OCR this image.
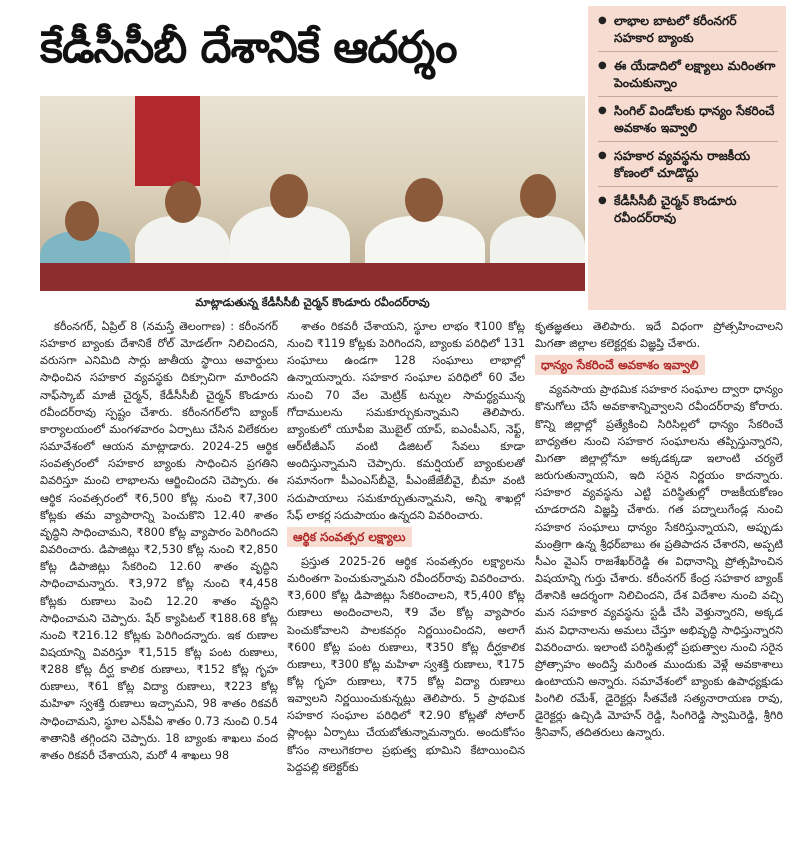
కేడీసీసీబీ దేశానికే ఆదర్శం
● లాభాల బాటలో కరీంనగర్ సహకార బ్యాంకు
● ఈ యేడాదిలో లక్ష్యాలు మరింతగా పెంచుకున్నాం
● సింగిల్ విండోలకు ధాన్యం సేకరించే అవకాశం ఇవ్వాలి
● సహకార వ్యవస్థను రాజకీయ కోణంలో చూడొద్దు
● కేడీసీసీబీ చైర్మన్ కొండూరు రవీందర్‌రావు
మాట్లాడుతున్న కేడీసీసీబీ చైర్మన్ కొండూరు రవీందర్‌రావు

కరీంనగర్, ఏప్రిల్ 8 (నమస్తే తెలంగాణ) : కరీంనగర్ సహకార బ్యాంకు దేశానికే రోల్ మోడల్‌గా నిలిచిందని, వరుసగా ఎనిమిది సార్లు జాతీయ స్థాయి అవార్డులు సాధించిన సహకార వ్యవస్థకు దిక్సూచిగా మారిందని నాఫ్‌స్కాబ్ మాజీ చైర్మన్, కేడీసీసీబీ చైర్మన్ కొండూరు రవీందర్‌రావు స్పష్టం చేశారు. కరీంనగర్‌లోని బ్యాంక్ కార్యాలయంలో మంగళవారం ఏర్పాటు చేసిన విలేకరుల సమావేశంలో ఆయన మాట్లాడారు. 2024-25 ఆర్థిక సంవత్సరంలో సహకార బ్యాంకు సాధించిన ప్రగతిని వివరిస్తూ మంచి లాభాలను ఆర్జించిందని చెప్పారు. ఈ ఆర్థిక సంవత్సరంలో ₹6,500 కోట్ల నుంచి ₹7,300 కోట్లకు తమ వ్యాపారాన్ని పెంచుకొని 12.40 శాతం వృద్ధిని సాధించామని, ₹800 కోట్ల వ్యాపారం పెరిగిందని వివరించారు. డిపాజిట్లు ₹2,530 కోట్ల నుంచి ₹2,850 కోట్ల డిపాజిట్లు సేకరించి 12.60 శాతం వృద్ధిని సాధించామన్నారు. ₹3,972 కోట్ల నుంచి ₹4,458 కోట్లకు రుణాలు పెంచి 12.20 శాతం వృద్ధిని సాధించామని చెప్పారు. షేర్ క్యాపిటల్ ₹188.68 కోట్ల నుంచి ₹216.12 కోట్లకు పెరిగిందన్నారు. ఇక రుణాల విషయాన్ని వివరిస్తూ ₹1,515 కోట్ల పంట రుణాలు, ₹288 కోట్ల దీర్ఘ కాలిక రుణాలు, ₹152 కోట్ల గృహ రుణాలు, ₹61 కోట్ల విద్యా రుణాలు, ₹223 కోట్ల మహిళా స్వశక్తి రుణాలు ఇచ్చామని, 98 శాతం రికవరీ సాధించామని, స్థూల ఎన్‌పీఏ శాతం 0.73 నుంచి 0.54 శాతానికి తగ్గిందని చెప్పారు. 18 బ్యాంకు శాఖలు వంద శాతం రికవరీ చేశాయని, మరో 4 శాఖలు 98

శాతం రికవరీ చేశాయని, స్థూల లాభం ₹100 కోట్ల నుంచి ₹119 కోట్లకు పెరిగిందని, బ్యాంకు పరిధిలో 131 సంఘాలు ఉండగా 128 సంఘాలు లాభాల్లో ఉన్నాయన్నారు. సహకార సంఘాల పరిధిలో 60 వేల నుంచి 70 వేల మెట్రిక్ టన్నుల సామర్థ్యమున్న గోదాములను సమకూర్చుకున్నామని తెలిపారు. బ్యాంకులో యూపీఐ మొబైల్ యాప్, ఐఎంపీఎస్, నెఫ్ట్, ఆర్‌టీజీఎస్ వంటి డిజిటల్ సేవలు కూడా అందిస్తున్నామని చెప్పారు. కమర్షియల్ బ్యాంకులతో సమానంగా పీఎంఎస్‌బీవై, పీఎంజేజేబీవై, బీమా వంటి సదుపాయాలు సమకూర్చుతున్నామని, అన్ని శాఖల్లో సేఫ్ లాకర్ల సదుపాయం ఉన్నదని వివరించారు.

ఆర్థిక సంవత్సర లక్ష్యాలు

ప్రస్తుత 2025-26 ఆర్థిక సంవత్సరం లక్ష్యాలను మరింతగా పెంచుకున్నామని రవీందర్‌రావు వివరించారు. ₹3,600 కోట్ల డిపాజిట్లు సేకరించాలని, ₹5,400 కోట్ల రుణాలు అందించాలని, ₹9 వేల కోట్ల వ్యాపారం పెంచుకోవాలని పాలకవర్గం నిర్ణయించిందని, అలాగే ₹600 కోట్ల పంట రుణాలు, ₹350 కోట్ల దీర్ఘకాలిక రుణాలు, ₹300 కోట్ల మహిళా స్వశక్తి రుణాలు, ₹175 కోట్ల గృహ రుణాలు, ₹75 కోట్ల విద్యా రుణాలు ఇవ్వాలని నిర్ణయించుకున్నట్లు తెలిపారు. 5 ప్రాథమిక సహకార సంఘాల పరిధిలో ₹2.90 కోట్లతో సోలార్ ప్లాంట్లు ఏర్పాటు చేయబోతున్నామన్నారు. అందుకోసం కోసం నాలుగెకరాల ప్రభుత్వ భూమిని కేటాయించిన పెద్దపల్లి కలెక్టర్‌కు

కృతజ్ఞతలు తెలిపారు. ఇదే విధంగా ప్రోత్సహించాలని మిగతా జిల్లాల కలెక్టర్లకు విజ్ఞప్తి చేశారు.

ధాన్యం సేకరించే అవకాశం ఇవ్వాలి

వ్యవసాయ ప్రాథమిక సహకార సంఘాల ద్వారా ధాన్యం కొనుగోలు చేసే అవకాశాన్నివ్వాలని రవీందర్‌రావు కోరారు. కొన్ని జిల్లాల్లో ప్రత్యేకించి సిరిసిల్లలో ధాన్యం సేకరించే బాధ్యతల నుంచి సహకార సంఘాలను తప్పిస్తున్నారని, మిగతా జిల్లాల్లోనూ అక్కడక్కడా ఇలాంటి చర్యలే జరుగుతున్నాయని, ఇది సరైన నిర్ణయం కాదన్నారు. సహకార వ్యవస్థను ఎట్టి పరిస్థితుల్లో రాజకీయకోణం చూడరాదని విజ్ఞప్తి చేశారు. గత పద్నాలుగేండ్ల నుంచి సహకార సంఘాలు ధాన్యం సేకరిస్తున్నాయని, అప్పుడు మంత్రిగా ఉన్న శ్రీధర్‌బాబు ఈ ప్రతిపాదన చేశారని, అప్పటి సీఎం వైఎస్ రాజశేఖర్‌రెడ్డి ఈ విధానాన్ని ప్రోత్సహించిన విషయాన్ని గుర్తు చేశారు. కరీంనగర్ కేంద్ర సహకార బ్యాంక్ దేశానికి ఆదర్శంగా నిలిచిందని, దేశ విదేశాల నుంచి వచ్చి మన సహకార వ్యవస్థను స్టడీ చేసి వెళ్తున్నారని, అక్కడ మన విధానాలను అమలు చేస్తూ అభివృద్ధి సాధిస్తున్నారని వివరించారు. ఇలాంటి పరిస్థితుల్లో ప్రభుత్వాల నుంచి సరైన ప్రోత్సాహం అందిస్తే మరింత ముందుకు వెళ్లే అవకాశాలు ఉంటాయని అన్నారు. సమావేశంలో బ్యాంకు ఉపాధ్యక్షుడు పింగిలి రమేశ్, డైరెక్టర్లు సీతవేణి సత్యనారాయణ రావు, డైరెక్టర్లు ఉచ్చిడి మోహన్ రెడ్డి, సింగిరెడ్డి స్వామిరెడ్డి, శ్రీగిరి శ్రీనివాస్, తదితరులు ఉన్నారు.
